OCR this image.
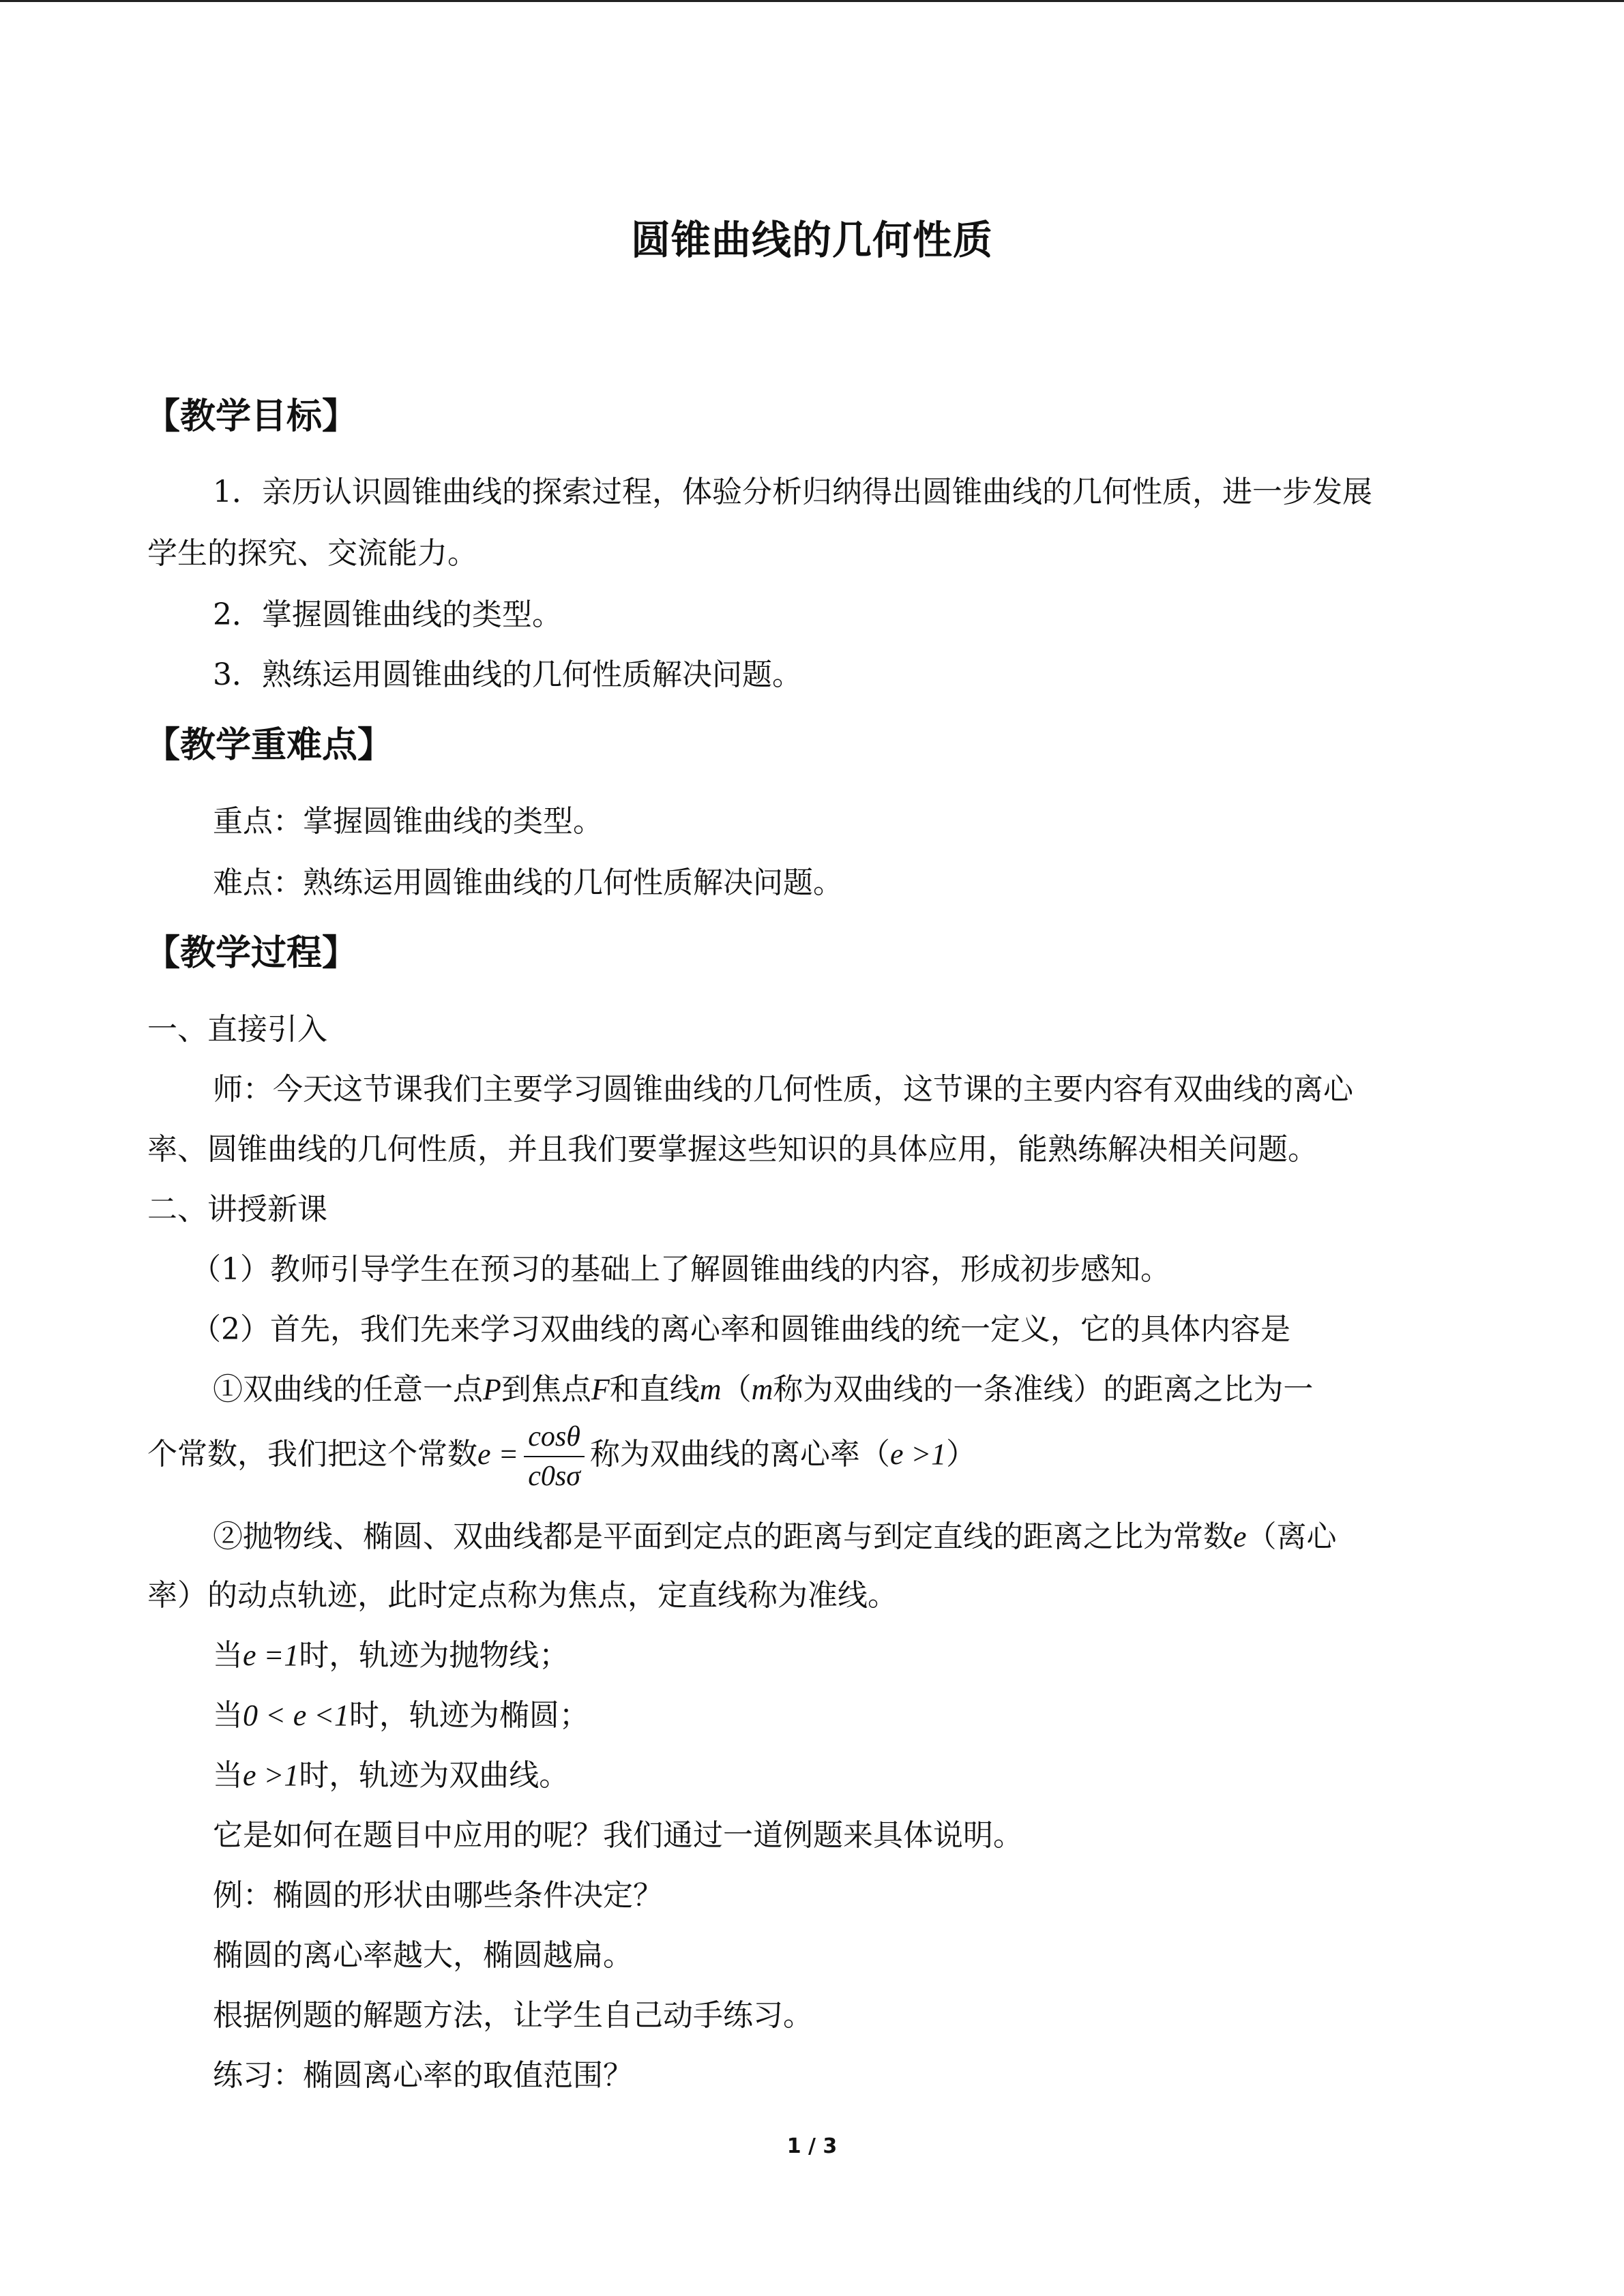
圆锥曲线的几何性质
【教学目标】
1．亲历认识圆锥曲线的探索过程，体验分析归纳得出圆锥曲线的几何性质，进一步发展
学生的探究、交流能力。
2．掌握圆锥曲线的类型。
3．熟练运用圆锥曲线的几何性质解决问题。
【教学重难点】
重点：掌握圆锥曲线的类型。
难点：熟练运用圆锥曲线的几何性质解决问题。
【教学过程】
一、直接引入
师：今天这节课我们主要学习圆锥曲线的几何性质，这节课的主要内容有双曲线的离心
率、圆锥曲线的几何性质，并且我们要掌握这些知识的具体应用，能熟练解决相关问题。
二、讲授新课
（1）教师引导学生在预习的基础上了解圆锥曲线的内容，形成初步感知。
（2）首先，我们先来学习双曲线的离心率和圆锥曲线的统一定义，它的具体内容是
①双曲线的任意一点P到焦点F和直线m（m称为双曲线的一条准线）的距离之比为一
个常数，我们把这个常数$e = \frac{\cos\theta}{c0s\sigma}$ 称为双曲线的离心率（e >1）
②抛物线、椭圆、双曲线都是平面到定点的距离与到定直线的距离之比为常数e（离心
率）的动点轨迹，此时定点称为焦点，定直线称为准线。
当e =1时，轨迹为抛物线；
当0 < e <1时，轨迹为椭圆；
当e >1时，轨迹为双曲线。
它是如何在题目中应用的呢？我们通过一道例题来具体说明。
例：椭圆的形状由哪些条件决定？
椭圆的离心率越大，椭圆越扁。
根据例题的解题方法，让学生自己动手练习。
练习：椭圆离心率的取值范围？
1 / 3
